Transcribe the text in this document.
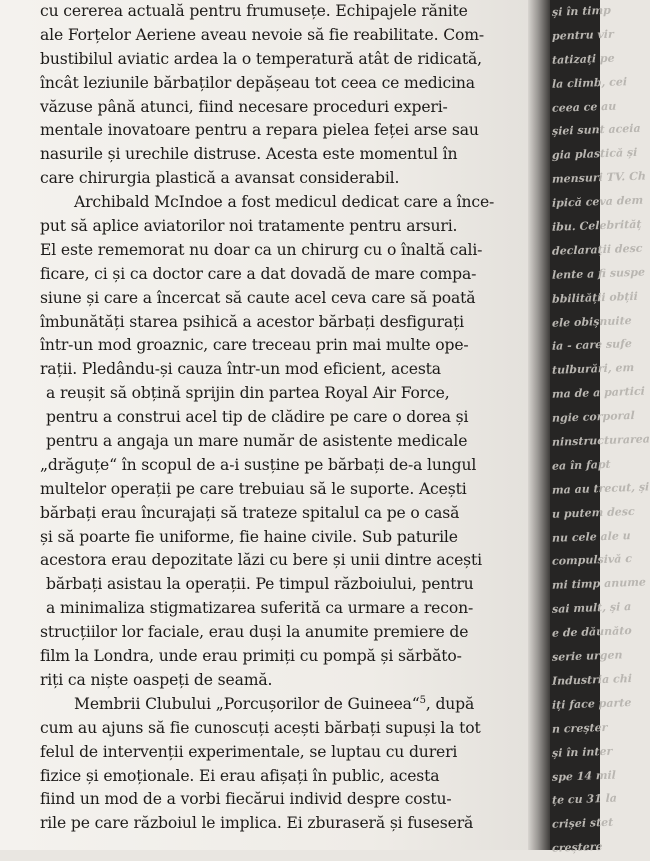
cu cererea actuală pentru frumusețe. Echipajele rănite
ale Forțelor Aeriene aveau nevoie să fie reabilitate. Com-
bustibilul aviatic ardea la o temperatură atât de ridicată,
încât leziunile bărbaților depășeau tot ceea ce medicina
văzuse până atunci, fiind necesare proceduri experi-
mentale inovatoare pentru a repara pielea feței arse sau
nasurile și urechile distruse. Acesta este momentul în
care chirurgia plastică a avansat considerabil.
Archibald McIndoe a fost medicul dedicat care a înce-
put să aplice aviatorilor noi tratamente pentru arsuri.
El este rememorat nu doar ca un chirurg cu o înaltă cali-
ficare, ci și ca doctor care a dat dovadă de mare compa-
siune și care a încercat să caute acel ceva care să poată
îmbunătăți starea psihică a acestor bărbați desfigurați
într-un mod groaznic, care treceau prin mai multe ope-
rații. Pledându-și cauza într-un mod eficient, acesta
a reușit să obțină sprijin din partea Royal Air Force,
pentru a construi acel tip de clădire pe care o dorea și
pentru a angaja un mare număr de asistente medicale
„drăguțe“ în scopul de a-i susține pe bărbați de-a lungul
multelor operații pe care trebuiau să le suporte. Acești
bărbați erau încurajați să trateze spitalul ca pe o casă
și să poarte fie uniforme, fie haine civile. Sub paturile
acestora erau depozitate lăzi cu bere și unii dintre acești
bărbați asistau la operații. Pe timpul războiului, pentru
a minimaliza stigmatizarea suferită ca urmare a recon-
strucțiilor lor faciale, erau duși la anumite premiere de
film la Londra, unde erau primiți cu pompă și sărbăto-
riți ca niște oaspeți de seamă.
Membrii Clubului „Porcușorilor de Guineea“$^5$, după
cum au ajuns să fie cunoscuți acești bărbați supuși la tot
felul de intervenții experimentale, se luptau cu dureri
fizice și emoționale. Ei erau afișați în public, acesta
fiind un mod de a vorbi fiecărui individ despre costu-
rile pe care războiul le implica. Ei zburaseră și fuseseră
și în timp
pentru vir
tatizați pe
la climb, cei
ceea ce au
șiei sunt aceia
gia plastică și
mensuri TV. Ch
ipică ceva dem
ibu. Celebrităț
declarații desc
lente a fi suspe
bbilității obții
ele obișnuite
ia - care sufe
tulburări, em
ma de a partici
ngie corporal
ninstructurarea
ea în fapt
ma au trecut, și
u putem desc
nu cele ale u
compulsivă c
mi timp anume
sai mult, și a
e de dăunăto
serie urgen
Industria chi
iți face parte
n creșter
și în inter
spe 14 mil
țe cu 31 la
crișei stet
creștere
